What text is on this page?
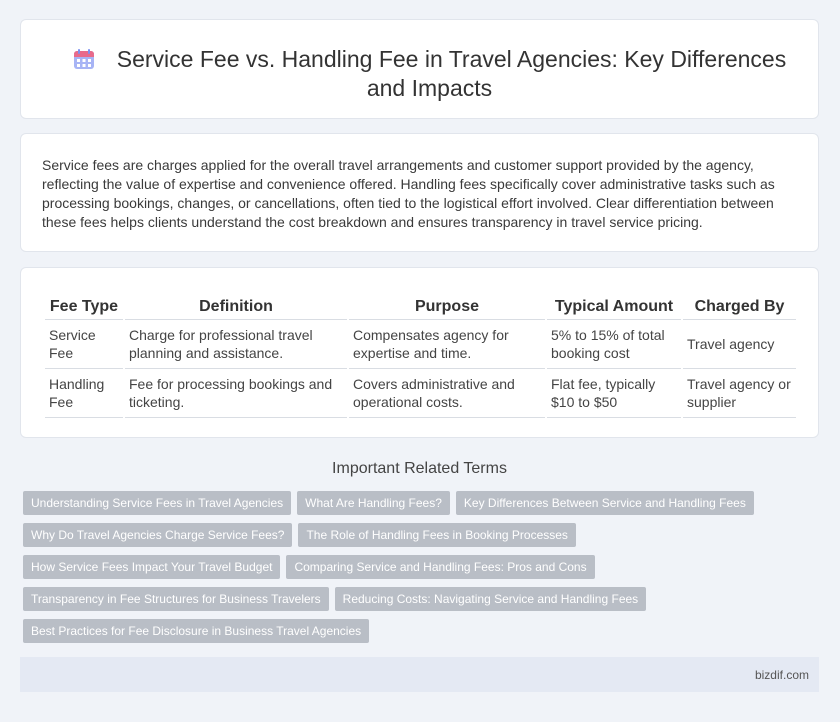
Service Fee vs. Handling Fee in Travel Agencies: Key Differences and Impacts

Service fees are charges applied for the overall travel arrangements and customer support provided by the agency, reflecting the value of expertise and convenience offered. Handling fees specifically cover administrative tasks such as processing bookings, changes, or cancellations, often tied to the logistical effort involved. Clear differentiation between these fees helps clients understand the cost breakdown and ensures transparency in travel service pricing.

Fee Type	Definition	Purpose	Typical Amount	Charged By
Service Fee	Charge for professional travel planning and assistance.	Compensates agency for expertise and time.	5% to 15% of total booking cost	Travel agency
Handling Fee	Fee for processing bookings and ticketing.	Covers administrative and operational costs.	Flat fee, typically $10 to $50	Travel agency or supplier
Important Related Terms
Understanding Service Fees in Travel Agencies	What Are Handling Fees?	Key Differences Between Service and Handling Fees
Why Do Travel Agencies Charge Service Fees?	The Role of Handling Fees in Booking Processes
How Service Fees Impact Your Travel Budget	Comparing Service and Handling Fees: Pros and Cons
Transparency in Fee Structures for Business Travelers	Reducing Costs: Navigating Service and Handling Fees
Best Practices for Fee Disclosure in Business Travel Agencies
bizdif.com
